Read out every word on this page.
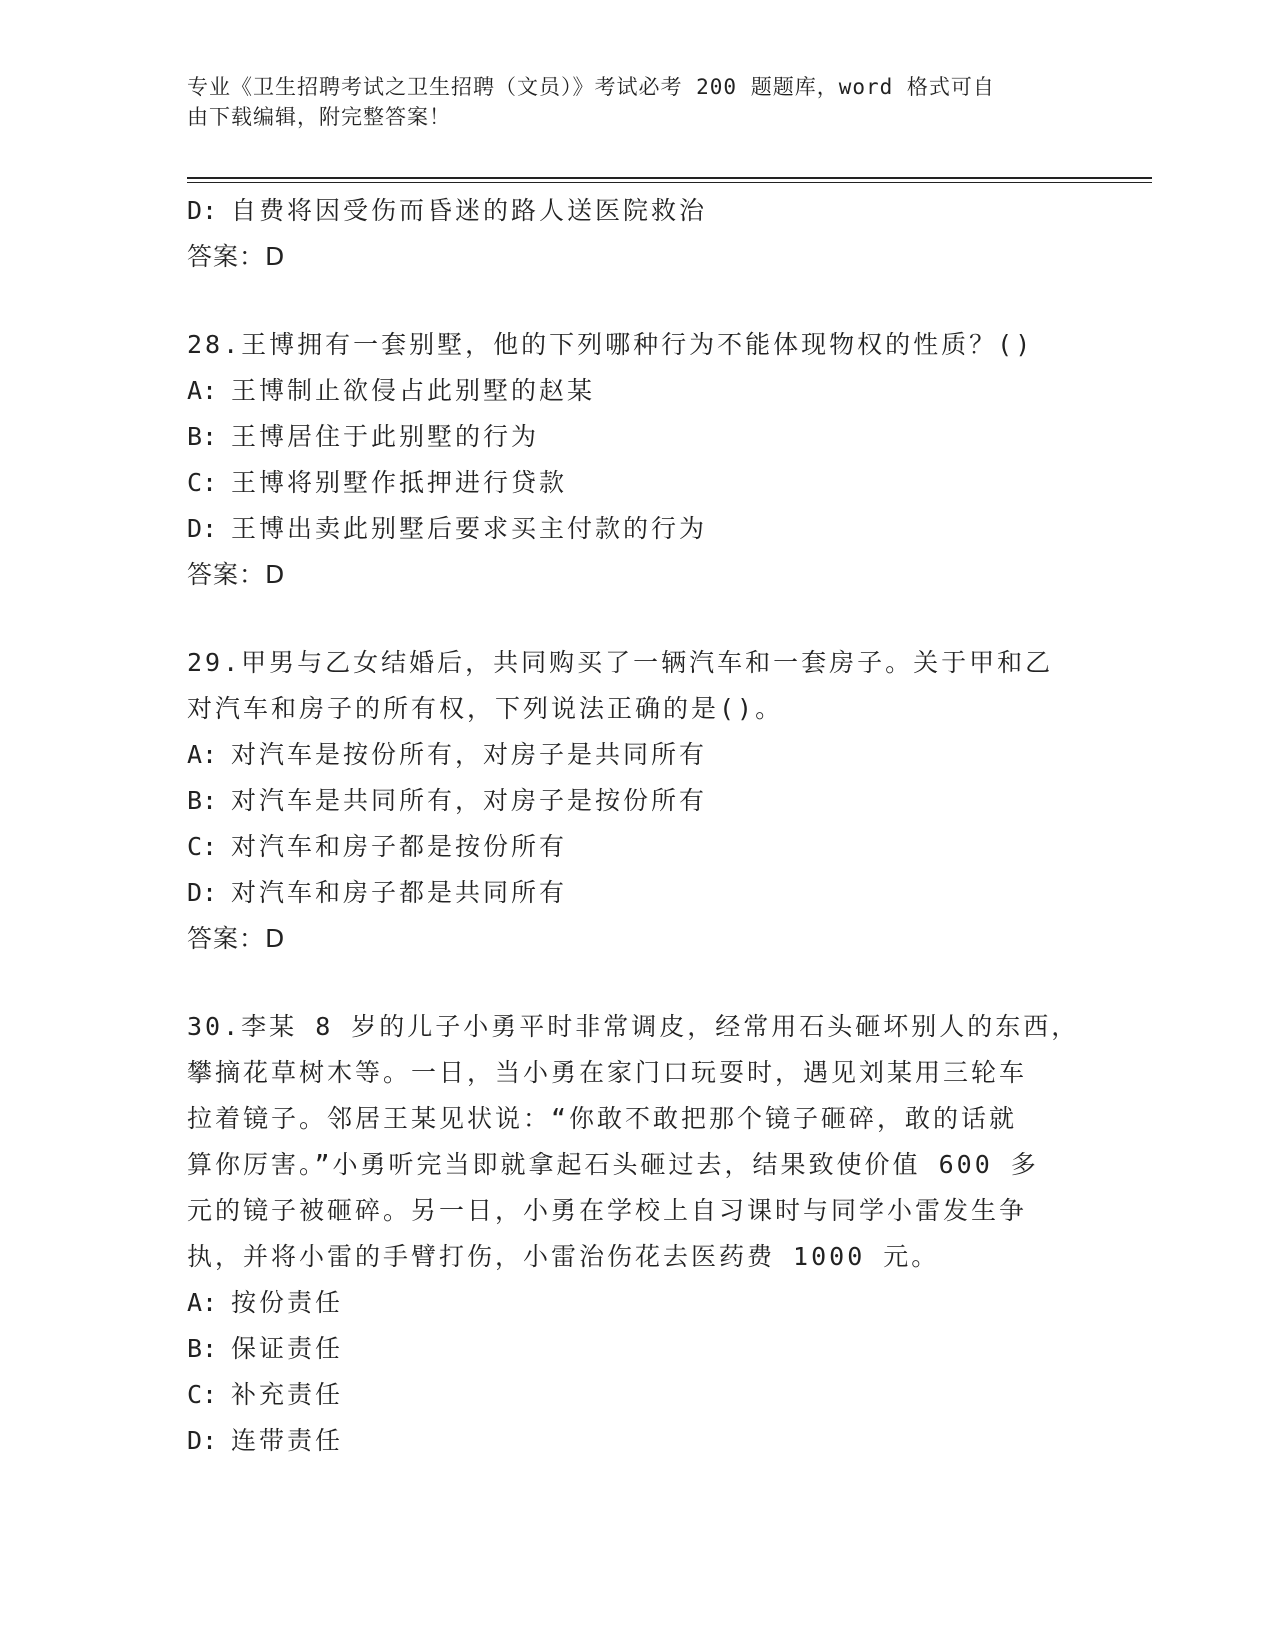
专业《卫生招聘考试之卫生招聘（文员）》考试必考 200 题题库，word 格式可自
由下载编辑，附完整答案！
D: 自费将因受伤而昏迷的路人送医院救治
答案：D
28.王博拥有一套别墅，他的下列哪种行为不能体现物权的性质？()
A: 王博制止欲侵占此别墅的赵某
B: 王博居住于此别墅的行为
C: 王博将别墅作抵押进行贷款
D: 王博出卖此别墅后要求买主付款的行为
答案：D
29.甲男与乙女结婚后，共同购买了一辆汽车和一套房子。关于甲和乙
对汽车和房子的所有权，下列说法正确的是()。
A: 对汽车是按份所有，对房子是共同所有
B: 对汽车是共同所有，对房子是按份所有
C: 对汽车和房子都是按份所有
D: 对汽车和房子都是共同所有
答案：D
30.李某 8 岁的儿子小勇平时非常调皮，经常用石头砸坏别人的东西，
攀摘花草树木等。一日，当小勇在家门口玩耍时，遇见刘某用三轮车
拉着镜子。邻居王某见状说：“你敢不敢把那个镜子砸碎，敢的话就
算你厉害。”小勇听完当即就拿起石头砸过去，结果致使价值 600 多
元的镜子被砸碎。另一日，小勇在学校上自习课时与同学小雷发生争
执，并将小雷的手臂打伤，小雷治伤花去医药费 1000 元。
A: 按份责任
B: 保证责任
C: 补充责任
D: 连带责任
